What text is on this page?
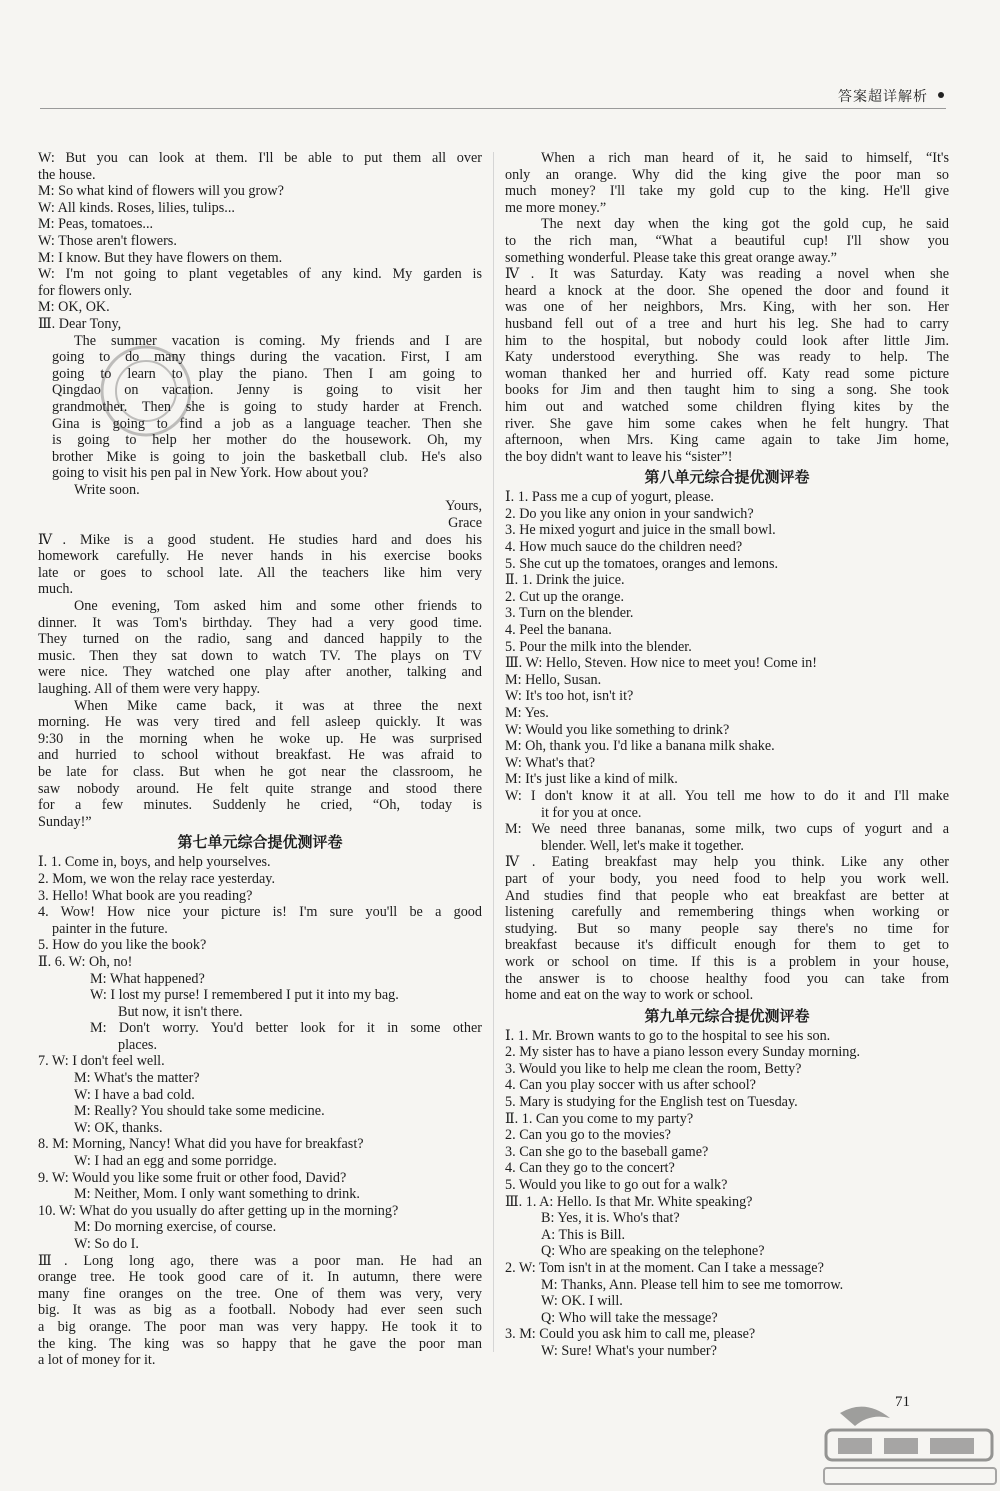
答案超详解析
W: But you can look at them. I'll be able to put them all over
the house.
M: So what kind of flowers will you grow?
W: All kinds. Roses, lilies, tulips...
M: Peas, tomatoes...
W: Those aren't flowers.
M: I know. But they have flowers on them.
W: I'm not going to plant vegetables of any kind. My garden is
for flowers only.
M: OK, OK.
Ⅲ. Dear Tony,
The summer vacation is coming. My friends and I are
going to do many things during the vacation. First, I am
going to learn to play the piano. Then I am going to
Qingdao on vacation. Jenny is going to visit her
grandmother. Then she is going to study harder at French.
Gina is going to find a job as a language teacher. Then she
is going to help her mother do the housework. Oh, my
brother Mike is going to join the basketball club. He's also
going to visit his pen pal in New York. How about you?
Write soon.
Yours,
Grace
Ⅳ. Mike is a good student. He studies hard and does his
homework carefully. He never hands in his exercise books
late or goes to school late. All the teachers like him very
much.
One evening, Tom asked him and some other friends to
dinner. It was Tom's birthday. They had a very good time.
They turned on the radio, sang and danced happily to the
music. Then they sat down to watch TV. The plays on TV
were nice. They watched one play after another, talking and
laughing. All of them were very happy.
When Mike came back, it was at three the next
morning. He was very tired and fell asleep quickly. It was
9:30 in the morning when he woke up. He was surprised
and hurried to school without breakfast. He was afraid to
be late for class. But when he got near the classroom, he
saw nobody around. He felt quite strange and stood there
for a few minutes. Suddenly he cried, “Oh, today is
Sunday!”
第七单元综合提优测评卷
Ⅰ. 1. Come in, boys, and help yourselves.
2. Mom, we won the relay race yesterday.
3. Hello! What book are you reading?
4. Wow! How nice your picture is! I'm sure you'll be a good
painter in the future.
5. How do you like the book?
Ⅱ. 6. W: Oh, no!
M: What happened?
W: I lost my purse! I remembered I put it into my bag.
But now, it isn't there.
M: Don't worry. You'd better look for it in some other
places.
7. W: I don't feel well.
M: What's the matter?
W: I have a bad cold.
M: Really? You should take some medicine.
W: OK, thanks.
8. M: Morning, Nancy! What did you have for breakfast?
W: I had an egg and some porridge.
9. W: Would you like some fruit or other food, David?
M: Neither, Mom. I only want something to drink.
10. W: What do you usually do after getting up in the morning?
M: Do morning exercise, of course.
W: So do I.
Ⅲ. Long long ago, there was a poor man. He had an
orange tree. He took good care of it. In autumn, there were
many fine oranges on the tree. One of them was very, very
big. It was as big as a football. Nobody had ever seen such
a big orange. The poor man was very happy. He took it to
the king. The king was so happy that he gave the poor man
a lot of money for it.
When a rich man heard of it, he said to himself, “It's
only an orange. Why did the king give the poor man so
much money? I'll take my gold cup to the king. He'll give
me more money.”
The next day when the king got the gold cup, he said
to the rich man, “What a beautiful cup! I'll show you
something wonderful. Please take this great orange away.”
Ⅳ. It was Saturday. Katy was reading a novel when she
heard a knock at the door. She opened the door and found it
was one of her neighbors, Mrs. King, with her son. Her
husband fell out of a tree and hurt his leg. She had to carry
him to the hospital, but nobody could look after little Jim.
Katy understood everything. She was ready to help. The
woman thanked her and hurried off. Katy read some picture
books for Jim and then taught him to sing a song. She took
him out and watched some children flying kites by the
river. She gave him some cakes when he felt hungry. That
afternoon, when Mrs. King came again to take Jim home,
the boy didn't want to leave his “sister”!
第八单元综合提优测评卷
Ⅰ. 1. Pass me a cup of yogurt, please.
2. Do you like any onion in your sandwich?
3. He mixed yogurt and juice in the small bowl.
4. How much sauce do the children need?
5. She cut up the tomatoes, oranges and lemons.
Ⅱ. 1. Drink the juice.
2. Cut up the orange.
3. Turn on the blender.
4. Peel the banana.
5. Pour the milk into the blender.
Ⅲ. W: Hello, Steven. How nice to meet you! Come in!
M: Hello, Susan.
W: It's too hot, isn't it?
M: Yes.
W: Would you like something to drink?
M: Oh, thank you. I'd like a banana milk shake.
W: What's that?
M: It's just like a kind of milk.
W: I don't know it at all. You tell me how to do it and I'll make
it for you at once.
M: We need three bananas, some milk, two cups of yogurt and a
blender. Well, let's make it together.
Ⅳ. Eating breakfast may help you think. Like any other
part of your body, you need food to help you work well.
And studies find that people who eat breakfast are better at
listening carefully and remembering things when working or
studying. But so many people say there's no time for
breakfast because it's difficult enough for them to get to
work or school on time. If this is a problem in your house,
the answer is to choose healthy food you can take from
home and eat on the way to work or school.
第九单元综合提优测评卷
Ⅰ. 1. Mr. Brown wants to go to the hospital to see his son.
2. My sister has to have a piano lesson every Sunday morning.
3. Would you like to help me clean the room, Betty?
4. Can you play soccer with us after school?
5. Mary is studying for the English test on Tuesday.
Ⅱ. 1. Can you come to my party?
2. Can you go to the movies?
3. Can she go to the baseball game?
4. Can they go to the concert?
5. Would you like to go out for a walk?
Ⅲ. 1. A: Hello. Is that Mr. White speaking?
B: Yes, it is. Who's that?
A: This is Bill.
Q: Who are speaking on the telephone?
2. W: Tom isn't in at the moment. Can I take a message?
M: Thanks, Ann. Please tell him to see me tomorrow.
W: OK. I will.
Q: Who will take the message?
3. M: Could you ask him to call me, please?
W: Sure! What's your number?
71
